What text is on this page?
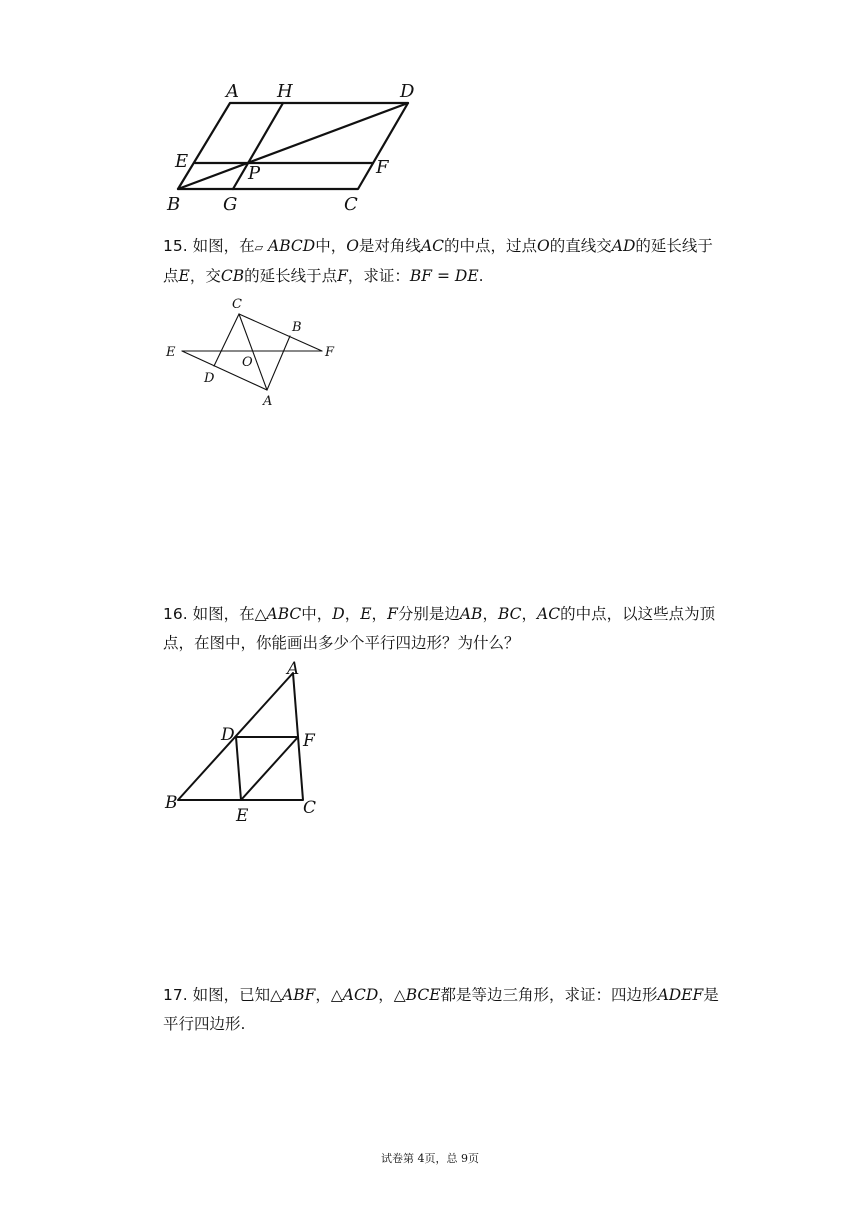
A H	D
E
P	F
B G	C
15. 如图，在▱ ABCD中，O是对角线AC的中点，过点O的直线交AD的延长线于点E，交CB的延长线于点F，求证：BF = DE.
C
B
E
O
F
D
A
16. 如图，在△ABC中，D，E，F分别是边AB，BC，AC的中点，以这些点为顶点，在图中，你能画出多少个平行四边形？为什么？
A
D	F
B
E	C
17. 如图，已知△ABF，△ACD，△BCE都是等边三角形，求证：四边形ADEF是平行四边形.
试卷第 4页，总 9页
